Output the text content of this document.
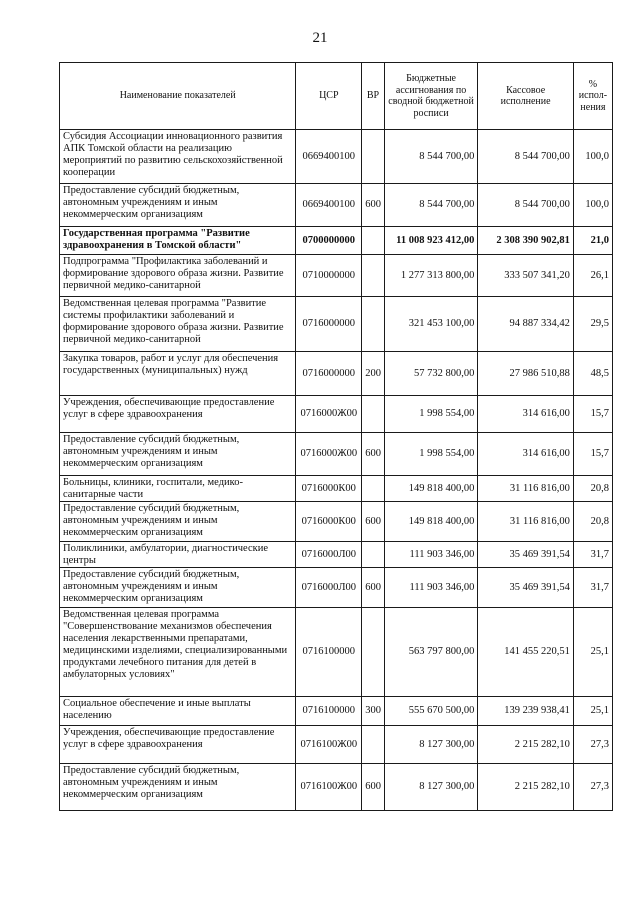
21
Наименование показателей	ЦСР	ВР	Бюджетные ассигнования по сводной бюджетной росписи	Кассовое исполнение	% испол-нения
Субсидия Ассоциации инновационного развития АПК Томской области на реализацию мероприятий по развитию сельскохозяйственной кооперации	0669400100		8 544 700,00	8 544 700,00	100,0
Предоставление субсидий бюджетным, автономным учреждениям и иным некоммерческим организациям	0669400100	600	8 544 700,00	8 544 700,00	100,0
Государственная программа "Развитие здравоохранения в Томской области"	0700000000		11 008 923 412,00	2 308 390 902,81	21,0
Подпрограмма "Профилактика заболеваний и формирование здорового образа жизни. Развитие первичной медико-санитарной	0710000000		1 277 313 800,00	333 507 341,20	26,1
Ведомственная целевая программа "Развитие системы профилактики заболеваний и формирование здорового образа жизни. Развитие первичной медико-санитарной	0716000000		321 453 100,00	94 887 334,42	29,5
Закупка товаров, работ и услуг для обеспечения государственных (муниципальных) нужд	0716000000	200	57 732 800,00	27 986 510,88	48,5
Учреждения, обеспечивающие предоставление услуг в сфере здравоохранения	0716000Ж00		1 998 554,00	314 616,00	15,7
Предоставление субсидий бюджетным, автономным учреждениям и иным некоммерческим организациям	0716000Ж00	600	1 998 554,00	314 616,00	15,7
Больницы, клиники, госпитали, медико-санитарные части	0716000К00		149 818 400,00	31 116 816,00	20,8
Предоставление субсидий бюджетным, автономным учреждениям и иным некоммерческим организациям	0716000К00	600	149 818 400,00	31 116 816,00	20,8
Поликлиники, амбулатории, диагностические центры	0716000Л00		111 903 346,00	35 469 391,54	31,7
Предоставление субсидий бюджетным, автономным учреждениям и иным некоммерческим организациям	0716000Л00	600	111 903 346,00	35 469 391,54	31,7
Ведомственная целевая программа "Совершенствование механизмов обеспечения населения лекарственными препаратами, медицинскими изделиями, специализированными продуктами лечебного питания для детей в амбулаторных условиях"	0716100000		563 797 800,00	141 455 220,51	25,1
Социальное обеспечение и иные выплаты населению	0716100000	300	555 670 500,00	139 239 938,41	25,1
Учреждения, обеспечивающие предоставление услуг в сфере здравоохранения	0716100Ж00		8 127 300,00	2 215 282,10	27,3
Предоставление субсидий бюджетным, автономным учреждениям и иным некоммерческим организациям	0716100Ж00	600	8 127 300,00	2 215 282,10	27,3
